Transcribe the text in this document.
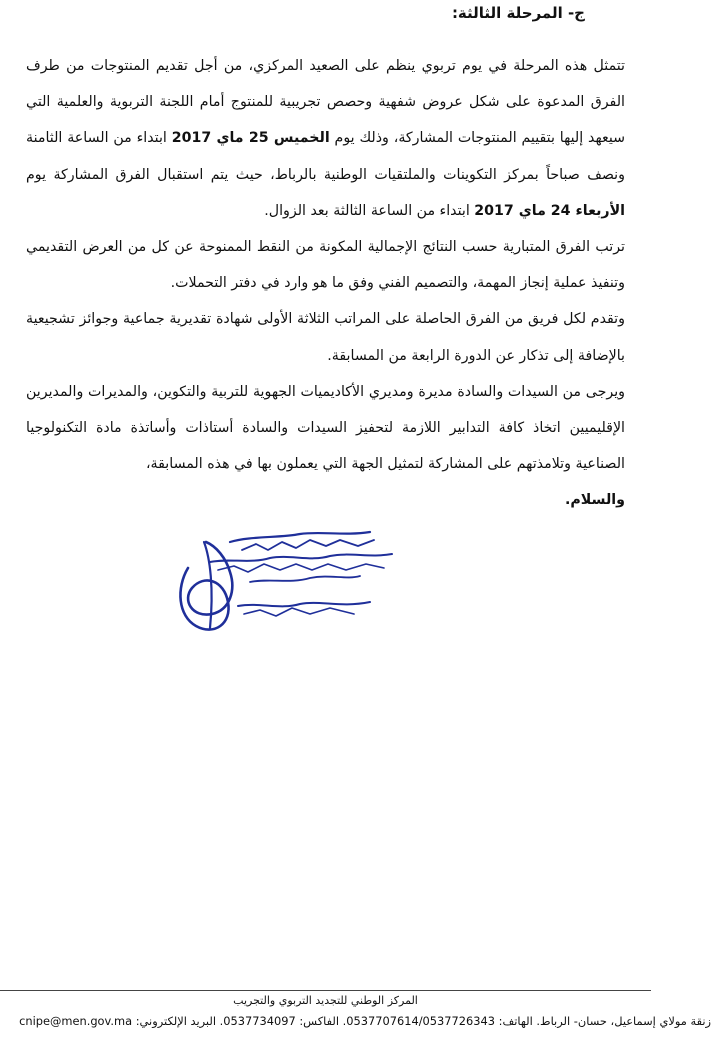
ج- المرحلة الثالثة:

تتمثل هذه المرحلة في يوم تربوي ينظم على الصعيد المركزي، من أجل تقديم المنتوجات من طرف الفرق المدعوة على شكل عروض شفهية وحصص تجريبية للمنتوج أمام اللجنة التربوية والعلمية التي سيعهد إليها بتقييم المنتوجات المشاركة، وذلك يوم الخميس 25 ماي 2017 ابتداء من الساعة الثامنة ونصف صباحاً بمركز التكوينات والملتقيات الوطنية بالرباط، حيث يتم استقبال الفرق المشاركة يوم الأربعاء 24 ماي 2017 ابتداء من الساعة الثالثة بعد الزوال.

ترتب الفرق المتبارية حسب النتائج الإجمالية المكونة من النقط الممنوحة عن كل من العرض التقديمي وتنفيذ عملية إنجاز المهمة، والتصميم الفني وفق ما هو وارد في دفتر التحملات.

وتقدم لكل فريق من الفرق الحاصلة على المراتب الثلاثة الأولى شهادة تقديرية جماعية وجوائز تشجيعية بالإضافة إلى تذكار عن الدورة الرابعة من المسابقة.

ويرجى من السيدات والسادة مديرة ومديري الأكاديميات الجهوية للتربية والتكوين، والمديرات والمديرين الإقليميين اتخاذ كافة التدابير اللازمة لتحفيز السيدات والسادة أستاذات وأساتذة مادة التكنولوجيا الصناعية وتلامذتهم على المشاركة لتمثيل الجهة التي يعملون بها في هذه المسابقة،

والسلام.

المركز الوطني للتجديد التربوي والتجريب
زنقة مولاي إسماعيل، حسان- الرباط. الهاتف: 0537707614/0537726343. الفاكس: 0537734097. البريد الإلكتروني: cnipe@men.gov.ma
